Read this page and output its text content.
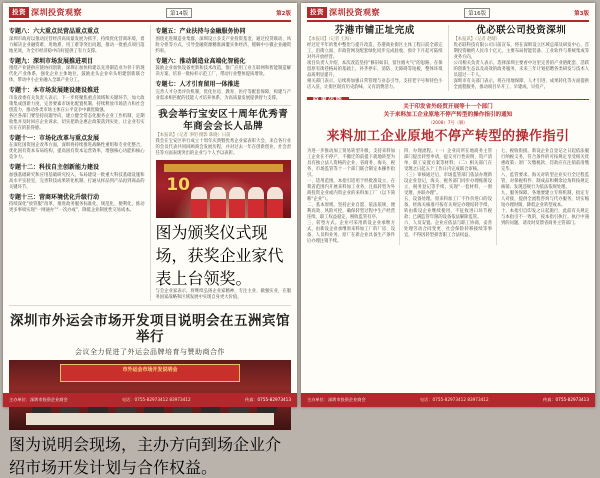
投资 深圳投资观察	第14版	第2版
专题八：六大重点民营品重点重点
深圳市政府以推动民营经济高质量发展为抓手，持续优化营商环境，着力解决企业融资难、用地难、用工难等突出问题，推动一批重点项目落地见效，为全市经济稳中向好提供了有力支撑。
专题九：深圳市场发展推进项目
围绕产业链供应链协同创新，深圳正加快构建以先进制造业为骨干的现代化产业体系，强化企业主体地位，鼓励龙头企业牵头组建创新联合体，带动中小企业融入全球产业分工。
专题十：本市场发展建设建设推进
市发改委有关负责人表示，下一步将聚焦重点领域和关键环节，加大政策集成创新力度，完善要素市场化配置机制，持续释放市场活力和社会创造力，推动各类市场主体在公平竞争中做优做强。
各区各部门要坚持问题导向，建立健全常态化服务企业工作机制，定期收集并及时回应企业诉求，切实把助企惠企政策落到实处，让企业有实实在在的获得感。
专题十一：市场化改革与重点发展
在深化国资国企改革方面，深圳将持续推进战略性重组和专业化整合，优化国有资本布局结构，提高国有资本运营效率，增强核心功能和核心竞争力。
专题十二：科技自主创新能力建设
加强基础研究和应用基础研究投入，布局建设一批重大科技基础设施和高水平实验室，完善科技成果转化机制，打通从样品到产品再到商品的关键环节。
专题十三：营商环境优化升级行动
持续深化“放管服”改革，推进政务服务标准化、规范化、便利化，推动更多事项实现“一网通办”“一次办成”，降低企业制度性交易成本。
专题五：产业扶持与金融服务协同
围绕先进制造业集群，深圳设立多支产业投资基金，通过投贷联动、风险分担等方式，引导金融资源精准滴灌实体经济，缓解中小微企业融资约束。
专题六：推动制造业高端化智能化
鼓励企业加快设备更新和技术改造，推广应用工业互联网和智能制造解决方案，培育一批标杆示范工厂，带动行业整体提质增效。
专题七：人才引育留用一体推进
完善人才分类评价机制，优化住房、教育、医疗等配套保障，构建与产业需求相匹配的技能人才培养体系，为高质量发展提供智力支撑。
我会举行宝安区十周年优秀青年商会会长人品牌
【本报讯】（记者 李明 摄影 陈晓）日前
我会在宝安区举行成立十周年庆典暨优秀企业家表彰大会，来自各行业的会员代表共同回顾商会发展历程，并对过去一年在创新创业、社会责任等方面表现突出的企业与个人予以表彰。
10
图为颁奖仪式现场，获奖企业家代表上台领奖。
与会企业家表示，将继续弘扬企业家精神，专注主业、做强实业，在服务国家战略和区域发展中实现自身更大价值。
深圳市外运会市场开发项目说明会在五洲宾馆举行
会议全力促进了外运会品牌培育与赞助商合作
市外运会市场开发说明会
图为说明会现场，主办方向到场企业介绍市场开发计划与合作权益。
主办单位：深圳市投资企业商会	电话：0755-82973412 83973412	传真：0755-82973413
投资 深圳投资观察	第16版	第3版
芬港市铺正址完成
【本报讯】（记者 王海）
经过近半年的集中整治与提升改造，芬港商业街区主体工程日前全部完工，沿街立面、市政管网及配套绿化同步完成验收，预计下月起可陆续对外开放经营。
项目负责人介绍，本次改造坚持“修旧如旧、留住烟火气”的思路，在保留原有街巷格局的基础上，补齐停车、消防、无障碍等短板，整体环境品质明显提升。
相关部门表示，后续将加强日常管理与业态引导，支持老字号和特色小店入驻，让街区既有历史韵味，又有消费活力。
优必联公司投资深圳
【本报讯】（记者 赵晴）
优必联科技有限公司日前宣布，将在深圳设立区域总部及研发中心，首期投资额约人民币十亿元，主要布局智能装备、工业软件与系统集成等业务方向。
公司相关负责人表示，选择深圳主要看中这里完善的产业链配套、活跃的创新生态以及高效的政务服务，未来三年计划招聘各类研发与技术人员超过一千人。
深圳市有关部门表示，将在用地保障、人才引进、成果转化等方面提供全流程服务，推动项目早开工、早建成、早投产。
政策法规
关于印发省外经贸开展等十一个部门
关于来料加工企业原地不停产转型的操作指引的通知
（2008）7号（稿）
来料加工企业原地不停产转型的操作指引
为进一步推动加工贸易转型升级，支持来料加工企业在不停产、不搬迁的前提下就地转型为具有独立法人资格的企业，省商务、海关、税务、市场监管等十一个部门联合制定本操作指引。
一、适用范围。本指引适用于经批准设立、在我省范围内开展来料加工业务，且拟转型为外商投资企业或内资企业的来料加工厂（以下简称“企业”）。
二、基本原则。坚持企业自愿、依法依规、便利高效、风险可控，确保转型过程中生产经营连续、职工权益稳定、税收监管有序。
三、转型方式。企业可采用新设企业承继方式，由新设企业承继原来料加工厂的厂房、设备、人员和业务，原厂在新企业具备生产条件后办理注销手续。
四、办理流程。（一）企业向所在地商务主管部门提出转型申请，提交可行性说明、资产清单、职工安置方案等材料；（二）相关部门在受理之日起五个工作日内完成联合审核。
（三）审核通过后，市场监管部门依法办理新设企业登记，海关、税务部门同步办理账册设立、税务登记等手续，实现“一套材料、一窗受理、并联办理”。
五、设备处理。原来料加工厂不作价进口的设备，经海关核准可按有关规定办理结转手续，转由新设企业继续使用，不征收进口环节税款；已满监管年限的设备依法解除监管。
六、人员安置。企业应依法与职工协商，妥善处理劳动合同变更、社会保险转移接续等事宜，不得因转型损害职工合法权益。
七、税收衔接。新设企业自登记之日起依法履行纳税义务，符合条件的可按规定享受相关优惠政策；原厂欠缴税款、罚款应在注销前清缴完毕。
八、监管要求。海关对转型企业实行全过程监管，对保税料件、制成品和剩余边角料按规定核销；发现违规行为依法依规处理。
九、服务保障。各地要建立专班机制，指定专人对接，提供全流程咨询与代办服务，切实缩短办理时限，降低企业转型成本。
十、本指引自印发之日起施行，此前有关规定与本指引不一致的，按本指引执行。执行中遇到的问题，请及时反馈省商务主管部门。
主办单位：深圳市投资企业商会	电话：0755-82973412 83973412	传真：0755-82973413
